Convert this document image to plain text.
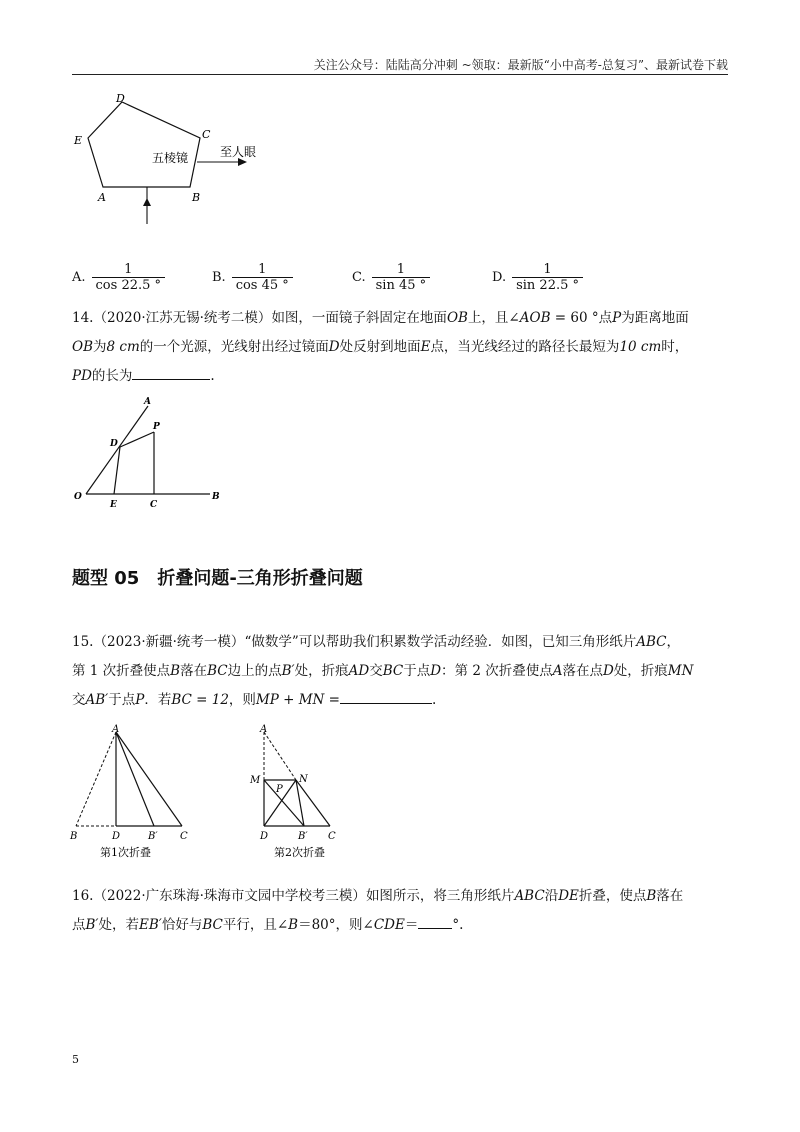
关注公众号：陆陆高分冲刺 ~领取：最新版“小中高考-总复习”、最新试卷下载
D
E	C
A	B
五棱镜	至人眼
A. $\frac{1}{\cos 22.5 ^\circ}$	B. $\frac{1}{\cos 45 ^\circ}$	C. $\frac{1}{\sin 45 ^\circ}$	D. $\frac{1}{\sin 22.5 ^\circ}$
14.（2020·江苏无锡·统考二模）如图，一面镜子斜固定在地面OB上，且∠AOB = 60 °点P为距离地面
OB为8 cm的一个光源，光线射出经过镜面D处反射到地面E点，当光线经过的路径长最短为10 cm时，
PD的长为	.
A
P
D
O
E	C
B
题型 05　折叠问题-三角形折叠问题
15.（2023·新疆·统考一模）“做数学”可以帮助我们积累数学活动经验．如图，已知三角形纸片ABC，
第 1 次折叠使点B落在BC边上的点B′处，折痕AD交BC于点D：第 2 次折叠使点A落在点D处，折痕MN
交AB′于点P．若BC = 12，则MP + MN =	.
A
B	D	B′ C
第1次折叠
A
M	N
P
D	B′ C
第2次折叠
16.（2022·广东珠海·珠海市文园中学校考三模）如图所示，将三角形纸片ABC沿DE折叠，使点B落在
点B′处，若EB′恰好与BC平行，且∠B＝80°，则∠CDE＝	°.
5
